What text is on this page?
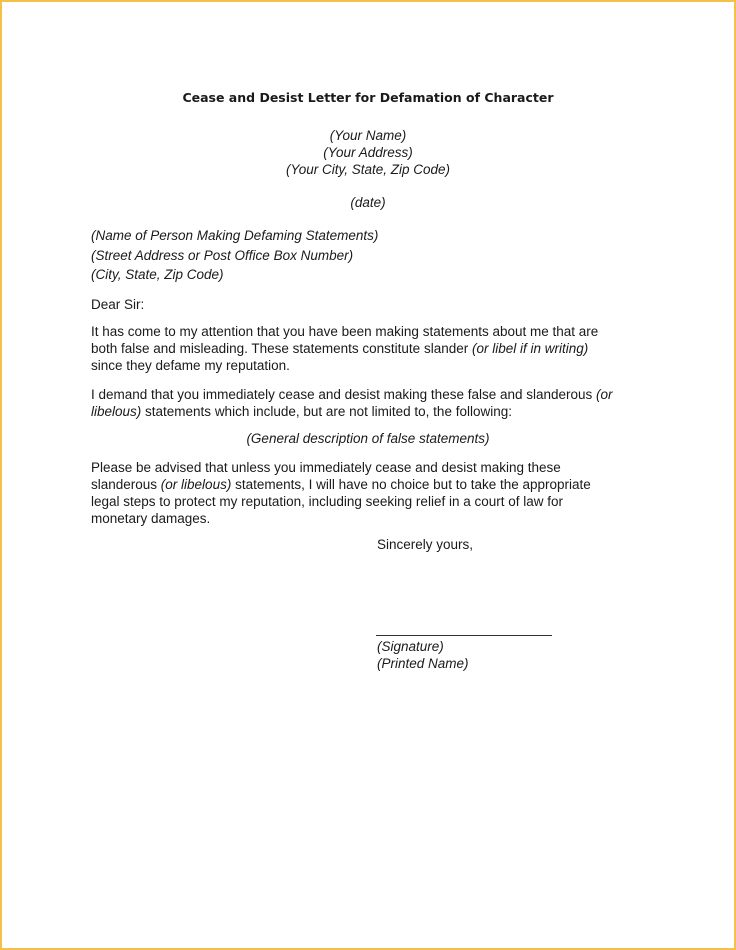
Cease and Desist Letter for Defamation of Character
(Your Name)
(Your Address)
(Your City, State, Zip Code)
(date)
(Name of Person Making Defaming Statements)
(Street Address or Post Office Box Number)
(City, State, Zip Code)
Dear Sir:
It has come to my attention that you have been making statements about me that are
both false and misleading. These statements constitute slander (or libel if in writing)
since they defame my reputation.
I demand that you immediately cease and desist making these false and slanderous (or
libelous) statements which include, but are not limited to, the following:
(General description of false statements)
Please be advised that unless you immediately cease and desist making these
slanderous (or libelous) statements, I will have no choice but to take the appropriate
legal steps to protect my reputation, including seeking relief in a court of law for
monetary damages.
Sincerely yours,
(Signature)
(Printed Name)
